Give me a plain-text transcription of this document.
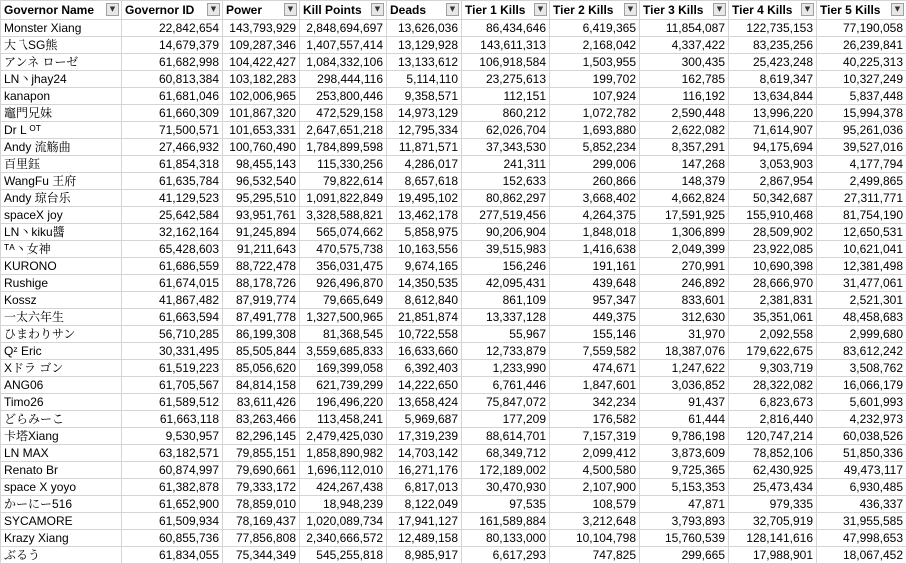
Governor Name ▼	Governor ID ▼	Power ▼	Kill Points ▼	Deads ▼	Tier 1 Kills ▼	Tier 2 Kills ▼	Tier 3 Kills ▼	Tier 4 Kills ▼	Tier 5 Kills ▼

Monster Xiang	22,842,654	143,793,929	2,848,694,697	13,626,036	86,434,646	6,419,365	11,854,087	122,735,153	77,190,058
大乁SG熊	14,679,379	109,287,346	1,407,557,414	13,129,928	143,611,313	2,168,042	4,337,422	83,235,256	26,239,841
アンネ ローゼ	61,682,998	104,422,427	1,084,332,106	13,133,612	106,918,584	1,503,955	300,435	25,423,248	40,225,313
LN丶jhay24	60,813,384	103,182,283	298,444,116	5,114,110	23,275,613	199,702	162,785	8,619,347	10,327,249
kanapon	61,681,046	102,006,965	253,800,446	9,358,571	112,151	107,924	116,192	13,634,844	5,837,448
竈門兄妹	61,660,309	101,867,320	472,529,158	14,973,129	860,212	1,072,782	2,590,448	13,996,220	15,994,378
Dr L ᴼᵀ	71,500,571	101,653,331	2,647,651,218	12,795,334	62,026,704	1,693,880	2,622,082	71,614,907	95,261,036
Andy 流觞曲	27,466,932	100,760,490	1,784,899,598	11,871,571	37,343,530	5,852,234	8,357,291	94,175,694	39,527,016
百里鈺	61,854,318	98,455,143	115,330,256	4,286,017	241,311	299,006	147,268	3,053,903	4,177,794
WangFu 王府	61,635,784	96,532,540	79,822,614	8,657,618	152,633	260,866	148,379	2,867,954	2,499,865
Andy 琼台乐	41,129,523	95,295,510	1,091,822,849	19,495,102	80,862,297	3,668,402	4,662,824	50,342,687	27,311,771
spaceX joy	25,642,584	93,951,761	3,328,588,821	13,462,178	277,519,456	4,264,375	17,591,925	155,910,468	81,754,190
LN丶kiku醬	32,162,164	91,245,894	565,074,662	5,858,975	90,206,904	1,848,018	1,306,899	28,509,902	12,650,531
ᵀᴬ丶女神	65,428,603	91,211,643	470,575,738	10,163,556	39,515,983	1,416,638	2,049,399	23,922,085	10,621,041
KURONO	61,686,559	88,722,478	356,031,475	9,674,165	156,246	191,161	270,991	10,690,398	12,381,498
Rushige	61,674,015	88,178,726	926,496,870	14,350,535	42,095,431	439,648	246,892	28,666,970	31,477,061
Kossz	41,867,482	87,919,774	79,665,649	8,612,840	861,109	957,347	833,601	2,381,831	2,521,301
一太六年生	61,663,594	87,491,778	1,327,500,965	21,851,874	13,337,128	449,375	312,630	35,351,061	48,458,683
ひまわりサン	56,710,285	86,199,308	81,368,545	10,722,558	55,967	155,146	31,970	2,092,558	2,999,680
Qᶻ Eric	30,331,495	85,505,844	3,559,685,833	16,633,660	12,733,879	7,559,582	18,387,076	179,622,675	83,612,242
Xドラ ゴン	61,519,223	85,056,620	169,399,058	6,392,403	1,233,990	474,671	1,247,622	9,303,719	3,508,762
ANG06	61,705,567	84,814,158	621,739,299	14,222,650	6,761,446	1,847,601	3,036,852	28,322,082	16,066,179
Timo26	61,589,512	83,611,426	196,496,220	13,658,424	75,847,072	342,234	91,437	6,823,673	5,601,993
どらみーこ	61,663,118	83,263,466	113,458,241	5,969,687	177,209	176,582	61,444	2,816,440	4,232,973
卡塔Xiang	9,530,957	82,296,145	2,479,425,030	17,319,239	88,614,701	7,157,319	9,786,198	120,747,214	60,038,526
LN MAX	63,182,571	79,855,151	1,858,890,982	14,703,142	68,349,712	2,099,412	3,873,609	78,852,106	51,850,336
Renato Br	60,874,997	79,690,661	1,696,112,010	16,271,176	172,189,002	4,500,580	9,725,365	62,430,925	49,473,117
space X yoyo	61,382,878	79,333,172	424,267,438	6,817,013	30,470,930	2,107,900	5,153,353	25,473,434	6,930,485
かーにー516	61,652,900	78,859,010	18,948,239	8,122,049	97,535	108,579	47,871	979,335	436,337
SYCAMORE	61,509,934	78,169,437	1,020,089,734	17,941,127	161,589,884	3,212,648	3,793,893	32,705,919	31,955,585
Krazy Xiang	60,855,736	77,856,808	2,340,666,572	12,489,158	80,133,000	10,104,798	15,760,539	128,141,616	47,998,653
ぶるう	61,834,055	75,344,349	545,255,818	8,985,917	6,617,293	747,825	299,665	17,988,901	18,067,452
